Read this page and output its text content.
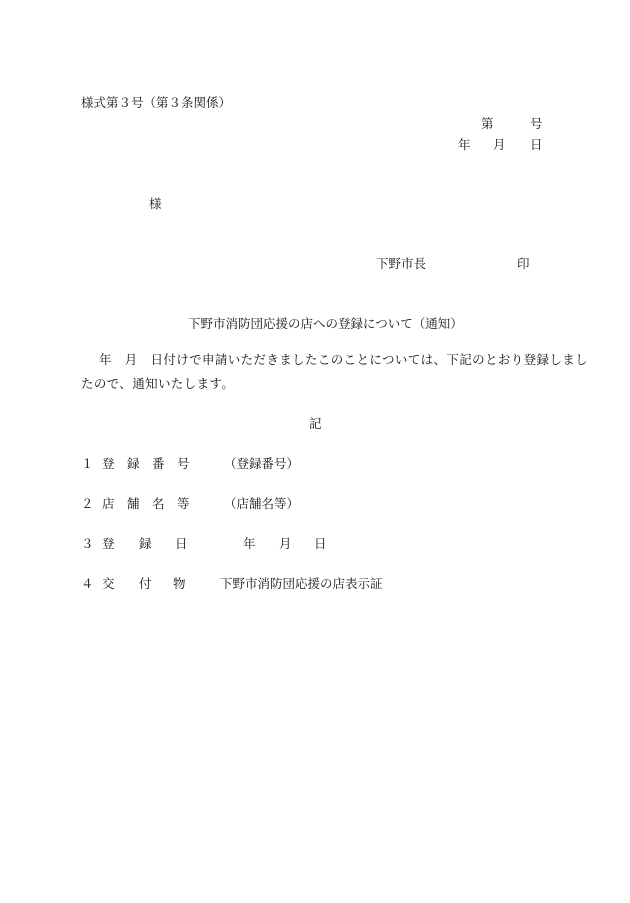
様式第３号（第３条関係）
第	号
年 月 日
様
下野市長	印
下野市消防団応援の店への登録について（通知）
年　月　日付けで申請いただきましたこのことについては、下記のとおり登録しまし
たので、通知いたします。
記
１ 登 録 番 号	（登録番号）
２ 店 舗 名 等	（店舗名等）
３ 登 録 日	年 月 日
４ 交 付 物	下野市消防団応援の店表示証
